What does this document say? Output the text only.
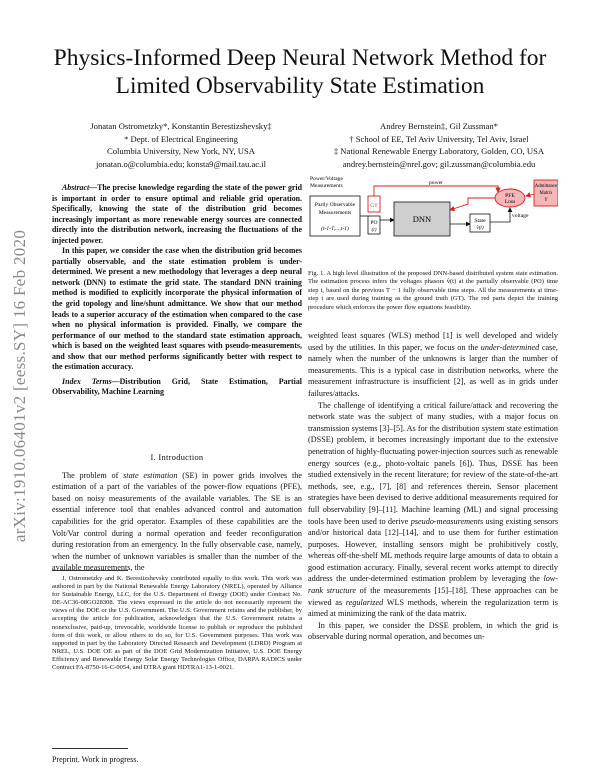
arXiv:1910.06401v2 [eess.SY] 16 Feb 2020
Physics-Informed Deep Neural Network Method for
Limited Observability State Estimation
Jonatan Ostrometzky*, Konstantin Berestizshevsky‡
* Dept. of Electrical Engineering
Columbia University, New York, NY, USA
jonatan.o@columbia.edu; konsta9@mail.tau.ac.il
Andrey Bernstein‡, Gil Zussman*
† School of EE, Tel Aviv University, Tel Aviv, Israel
‡ National Renewable Energy Laboratory, Golden, CO, USA
andrey.bernstein@nrel.gov; gil.zussman@columbia.edu

Abstract—The precise knowledge regarding the state of the power grid is important in order to ensure optimal and reliable grid operation. Specifically, knowing the state of the distribution grid becomes increasingly important as more renewable energy sources are connected directly into the distribution network, increasing the fluctuations of the injected power.

In this paper, we consider the case when the distribution grid becomes partially observable, and the state estimation problem is under-determined. We present a new methodology that leverages a deep neural network (DNN) to estimate the grid state. The standard DNN training method is modified to explicitly incorporate the physical information of the grid topology and line/shunt admittance. We show that our method leads to a superior accuracy of the estimation when compared to the case when no physical information is provided. Finally, we compare the performance of our method to the standard state estimation approach, which is based on the weighted least squares with pseudo-measurements, and show that our method performs significantly better with respect to the estimation accuracy.

Index Terms—Distribution Grid, State Estimation, Partial Observability, Machine Learning

I. Introduction

The problem of state estimation (SE) in power grids involves the estimation of a part of the variables of the power-flow equations (PFE), based on noisy measurements of the available variables. The SE is an essential inference tool that enables advanced control and automation capabilities for the grid operator. Examples of these capabilities are the Volt/Var control during a normal operation and feeder reconfiguration during restoration from an emergency. In the fully observable case, namely, when the number of unknown variables is smaller than the number of the available measurements, the

J. Ostrometzky and K. Berestizshevsky contributed equally to this work. This work was authored in part by the National Renewable Energy Laboratory (NREL), operated by Alliance for Sustainable Energy, LLC, for the U.S. Department of Energy (DOE) under Contract No. DE-AC36-08GO28308. The views expressed in the article do not necessarily represent the views of the DOE or the U.S. Government. The U.S. Government retains and the publisher, by accepting the article for publication, acknowledges that the U.S. Government retains a nonexclusive, paid-up, irrevocable, worldwide license to publish or reproduce the published form of this work, or allow others to do so, for U.S. Government purposes. This work was supported in part by the Laboratory Directed Research and Development (LDRD) Program at NREL, U.S. DOE OE as part of the DOE Grid Modernization Initiative, U.S. DOE Energy Efficiency and Renewable Energy Solar Energy Technologies Office, DARPA RADICS under Contract FA-8750-16-C-0054, and DTRA grant HDTRA1-13-1-0021.

Preprint. Work in progress.
Power/Voltage
Measurements
Partly Observable
Measurements
(t-1-T,...,t-1)
GT
PO
(t)
DNN	State
v̂(t)
power
PFE
Loss
voltage
Admittance
Matrix
Y

Fig. 1. A high level illustration of the proposed DNN-based distributed system state estimation. The estimation process infers the voltages phasors v̂(t) at the partially observable (PO) time step t, based on the previous T − 1 fully observable time steps. All the measurements at time-step t are used during training as the ground truth (GT). The red parts depict the training procedure which enforces the power flow equations feasibility.

weighted least squares (WLS) method [1] is well developed and widely used by the utilities. In this paper, we focus on the under-determined case, namely when the number of the unknowns is larger than the number of measurements. This is a typical case in distribution networks, where the measurement infrastructure is insufficient [2], as well as in grids under failures/attacks.

The challenge of identifying a critical failure/attack and recovering the network state was the subject of many studies, with a major focus on transmission systems [3]–[5]. As for the distribution system state estimation (DSSE) problem, it becomes increasingly important due to the extensive penetration of highly-fluctuating power-injection sources such as renewable energy sources (e.g., photo-voltaic panels [6]). Thus, DSSE has been studied extensively in the recent literature; for review of the state-of-the-art methods, see, e.g., [7], [8] and references therein. Sensor placement strategies have been devised to derive additional measurements required for full observability [9]–[11]. Machine learning (ML) and signal processing tools have been used to derive pseudo-measurements using existing sensors and/or historical data [12]–[14], and to use them for further estimation purposes. However, installing sensors might be prohibitively costly, whereas off-the-shelf ML methods require large amounts of data to obtain a good estimation accuracy. Finally, several recent works attempt to directly address the under-determined estimation problem by leveraging the low-rank structure of the measurements [15]–[18]. These approaches can be viewed as regularized WLS methods, wherein the regularization term is aimed at minimizing the rank of the data matrix.

In this paper, we consider the DSSE problem, in which the grid is observable during normal operation, and becomes un-
